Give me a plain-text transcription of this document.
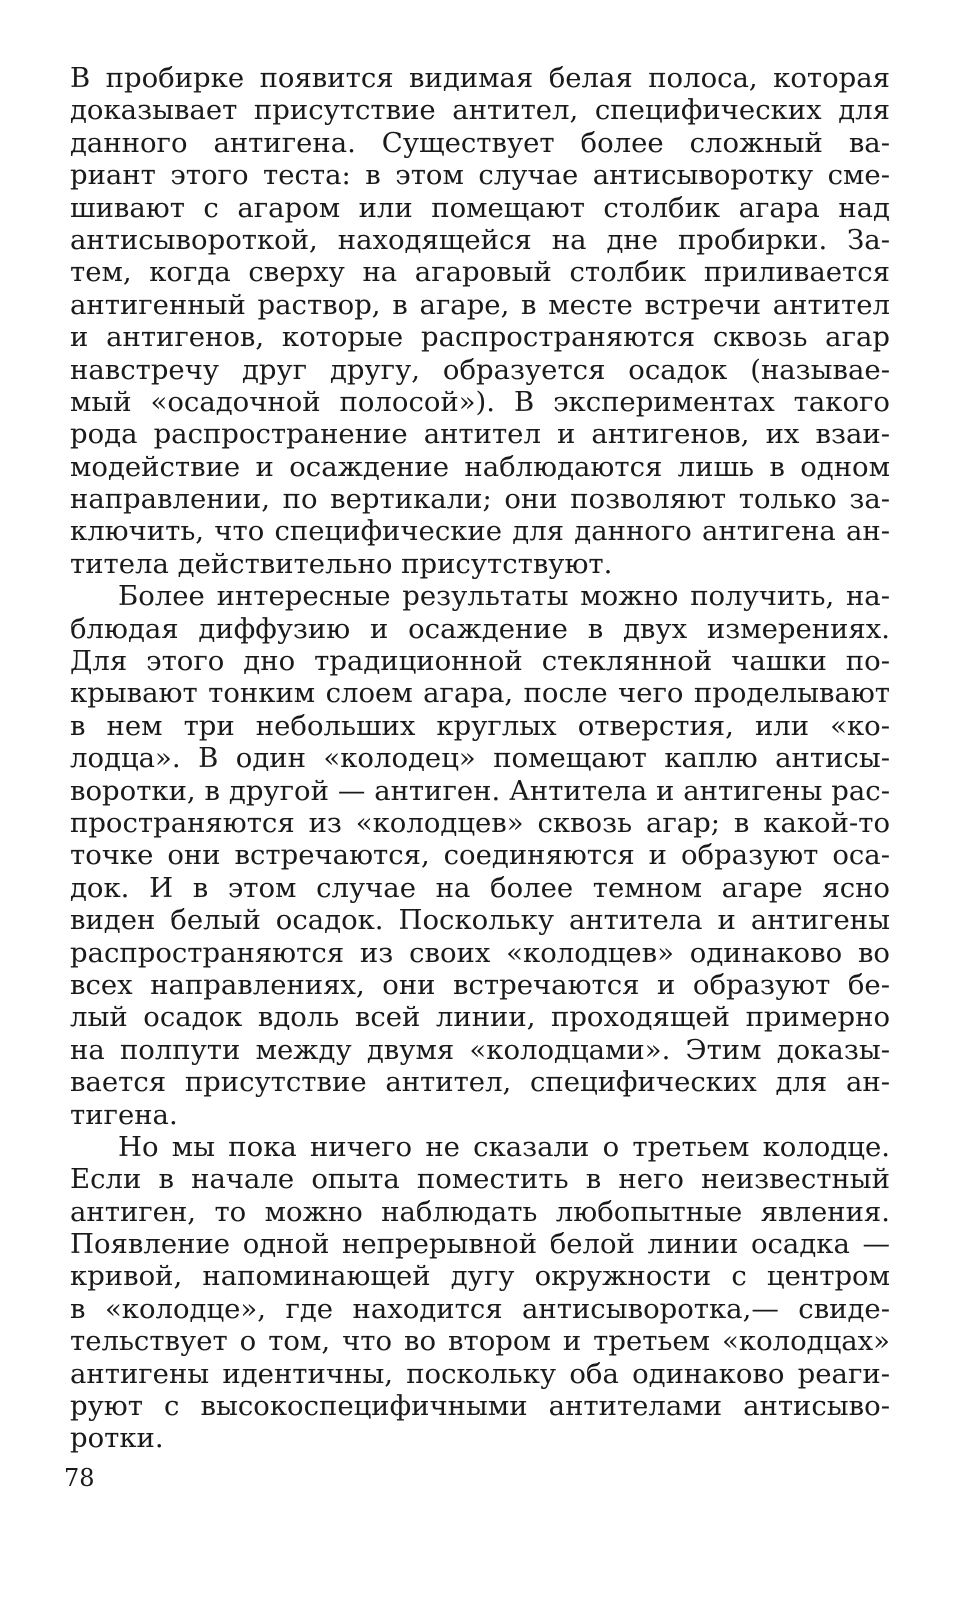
В пробирке появится видимая белая полоса, которая
доказывает присутствие антител, специфических для
данного антигена. Существует более сложный ва-
риант этого теста: в этом случае антисыворотку сме-
шивают с агаром или помещают столбик агара над
антисывороткой, находящейся на дне пробирки. За-
тем, когда сверху на агаровый столбик приливается
антигенный раствор, в агаре, в месте встречи антител
и антигенов, которые распространяются сквозь агар
навстречу друг другу, образуется осадок (называе-
мый «осадочной полосой»). В экспериментах такого
рода распространение антител и антигенов, их взаи-
модействие и осаждение наблюдаются лишь в одном
направлении, по вертикали; они позволяют только за-
ключить, что специфические для данного антигена ан-
титела действительно присутствуют.
Более интересные результаты можно получить, на-
блюдая диффузию и осаждение в двух измерениях.
Для этого дно традиционной стеклянной чашки по-
крывают тонким слоем агара, после чего проделывают
в нем три небольших круглых отверстия, или «ко-
лодца». В один «колодец» помещают каплю антисы-
воротки, в другой — антиген. Антитела и антигены рас-
пространяются из «колодцев» сквозь агар; в какой-то
точке они встречаются, соединяются и образуют оса-
док. И в этом случае на более темном агаре ясно
виден белый осадок. Поскольку антитела и антигены
распространяются из своих «колодцев» одинаково во
всех направлениях, они встречаются и образуют бе-
лый осадок вдоль всей линии, проходящей примерно
на полпути между двумя «колодцами». Этим доказы-
вается присутствие антител, специфических для ан-
тигена.
Но мы пока ничего не сказали о третьем колодце.
Если в начале опыта поместить в него неизвестный
антиген, то можно наблюдать любопытные явления.
Появление одной непрерывной белой линии осадка —
кривой, напоминающей дугу окружности с центром
в «колодце», где находится антисыворотка,— свиде-
тельствует о том, что во втором и третьем «колодцах»
антигены идентичны, поскольку оба одинаково реаги-
руют с высокоспецифичными антителами антисыво-
ротки.
78
